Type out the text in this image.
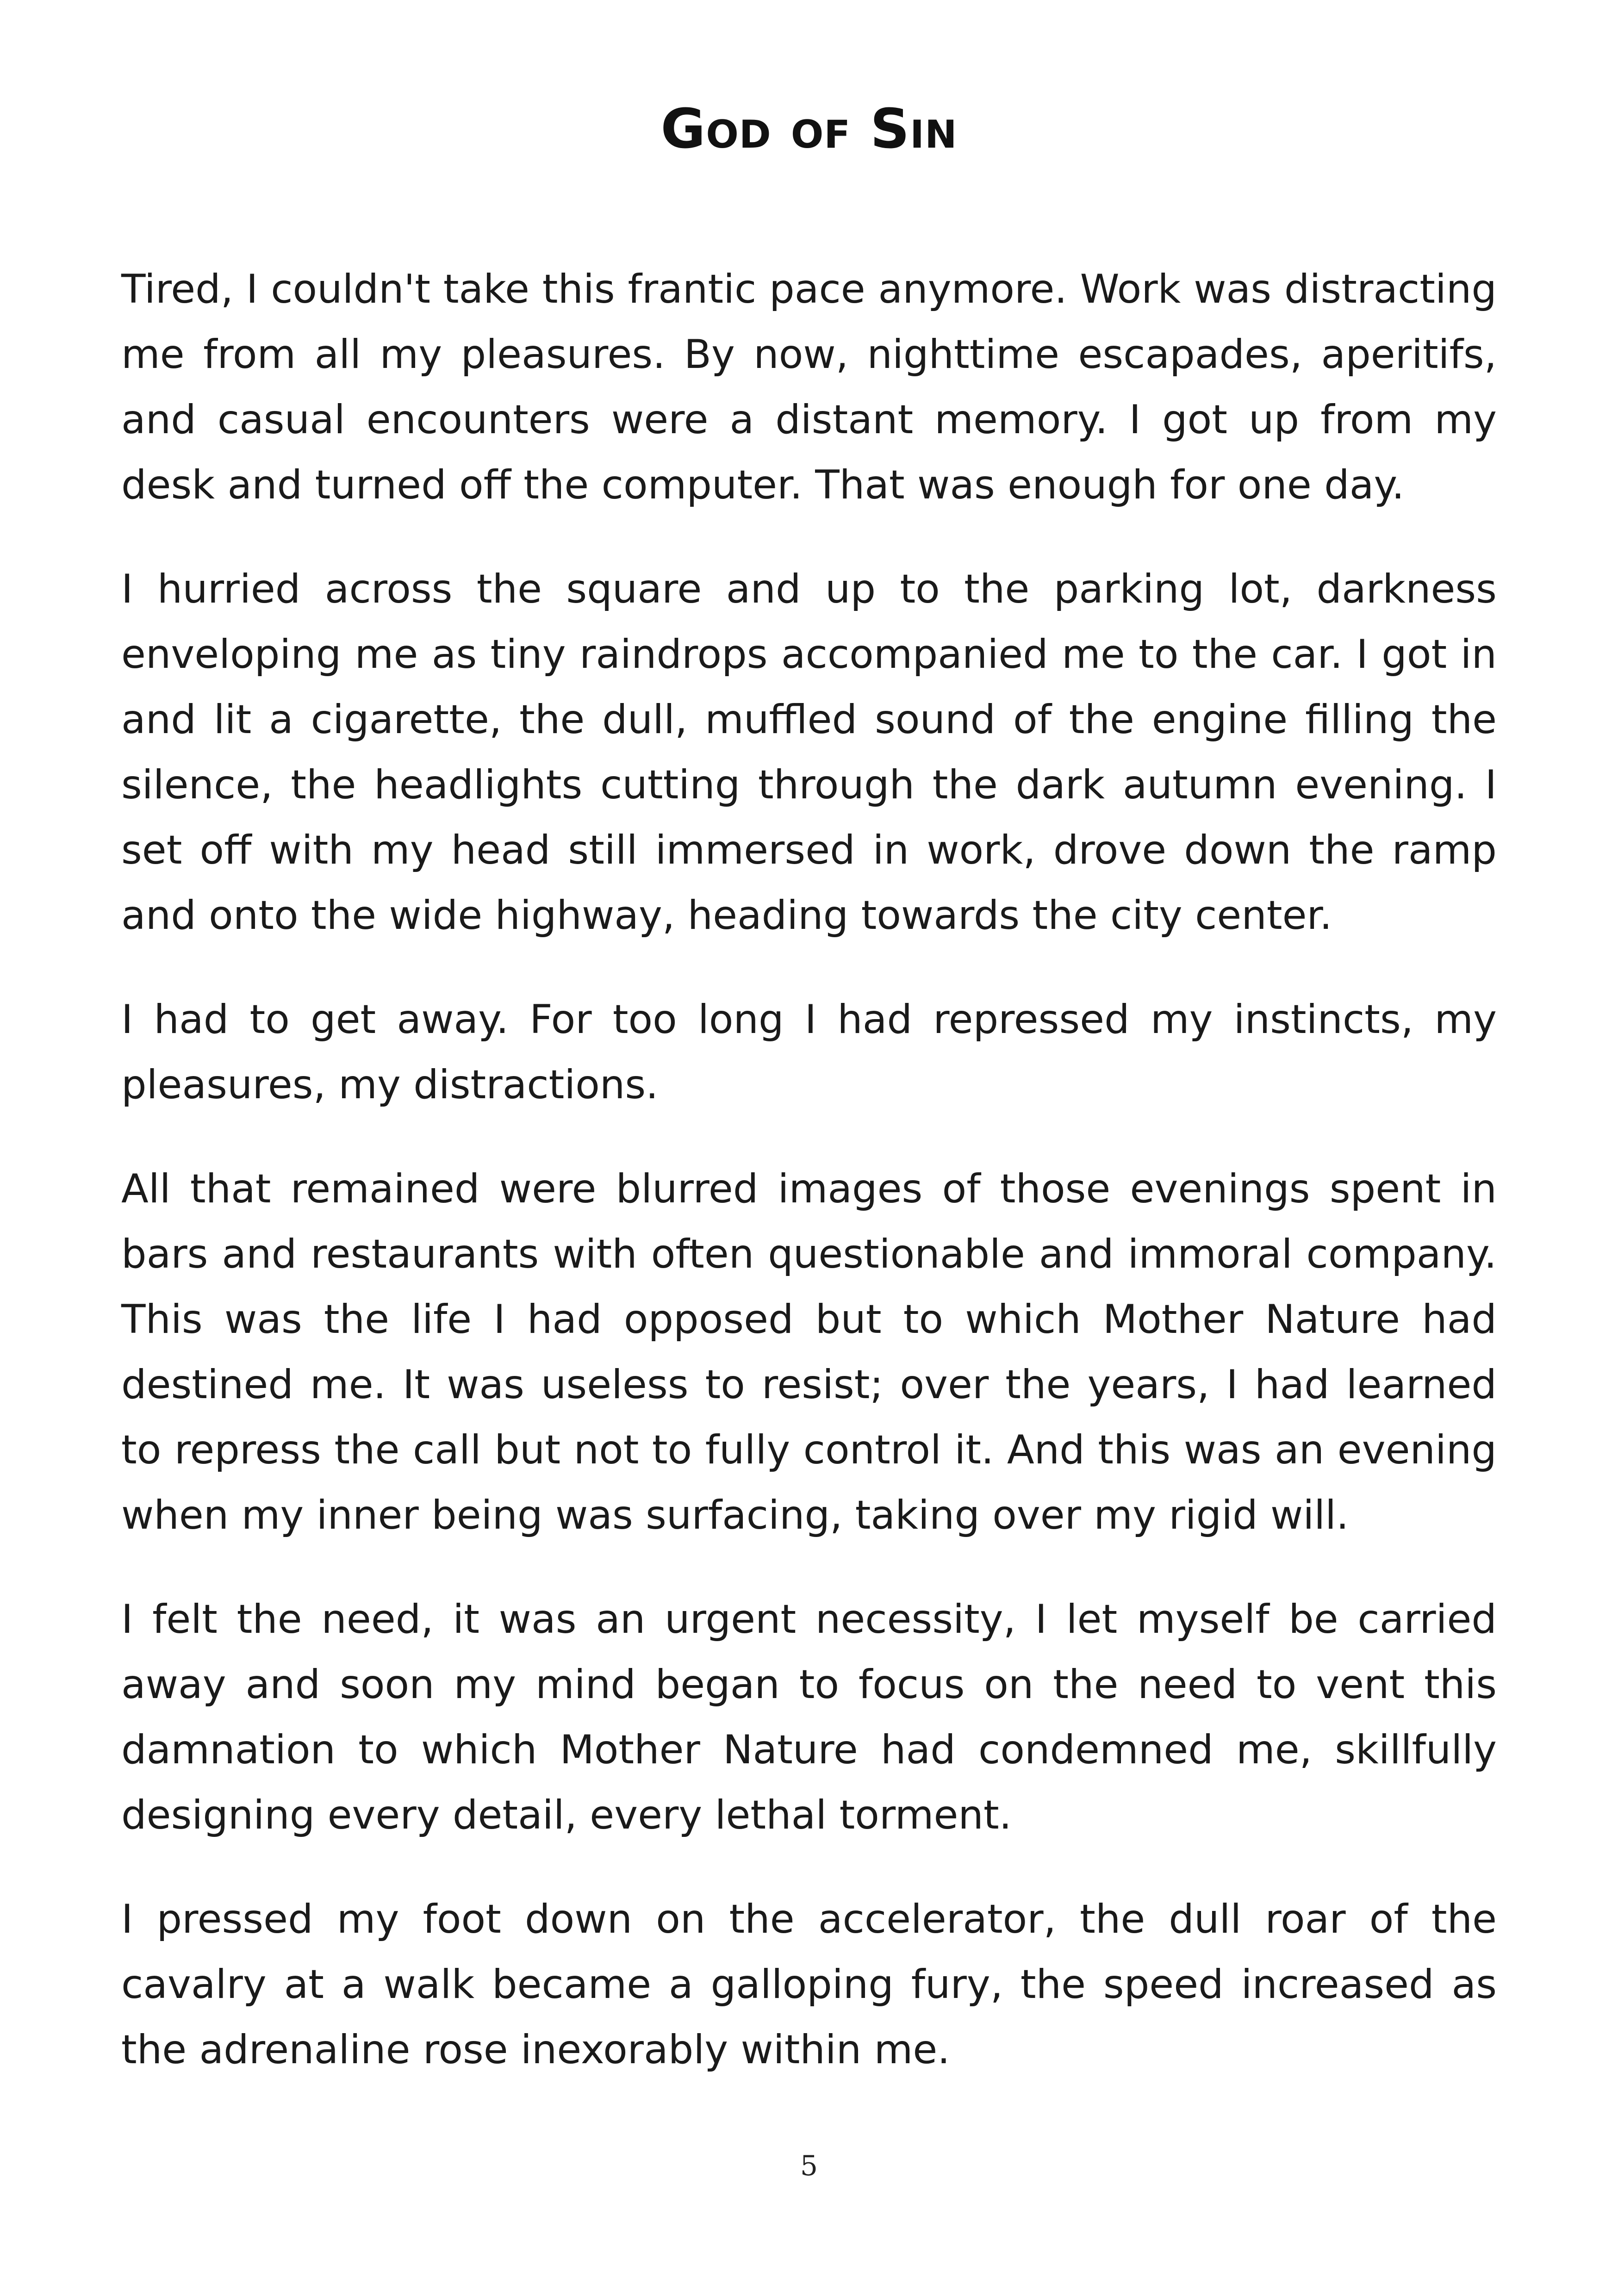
God of Sin

Tired, I couldn't take this frantic pace anymore. Work was distracting me from all my pleasures. By now, nighttime escapades, aperitifs, and casual encounters were a distant memory. I got up from my desk and turned off the computer. That was enough for one day.

I hurried across the square and up to the parking lot, darkness enveloping me as tiny raindrops accompanied me to the car. I got in and lit a cigarette, the dull, muffled sound of the engine filling the silence, the headlights cutting through the dark autumn evening. I set off with my head still immersed in work, drove down the ramp and onto the wide highway, heading towards the city center.

I had to get away. For too long I had repressed my instincts, my pleasures, my distractions.

All that remained were blurred images of those evenings spent in bars and restaurants with often questionable and immoral company. This was the life I had opposed but to which Mother Nature had destined me. It was useless to resist; over the years, I had learned to repress the call but not to fully control it. And this was an evening when my inner being was surfacing, taking over my rigid will.

I felt the need, it was an urgent necessity, I let myself be carried away and soon my mind began to focus on the need to vent this damnation to which Mother Nature had condemned me, skillfully designing every detail, every lethal torment.

I pressed my foot down on the accelerator, the dull roar of the cavalry at a walk became a galloping fury, the speed increased as the adrenaline rose inexorably within me.

5
